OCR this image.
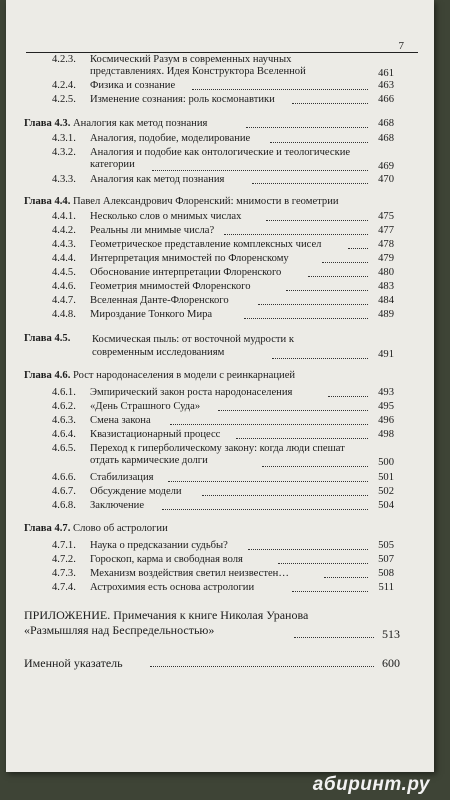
7
4.2.3. Космический Разум в современных научных представлениях. Идея Конструктора Вселенной	461
4.2.4. Физика и сознание	463
4.2.5. Изменение сознания: роль космонавтики	466
Глава 4.3. Аналогия как метод познания	468
4.3.1. Аналогия, подобие, моделирование	468
4.3.2. Аналогия и подобие как онтологические и теологические категории	469
4.3.3. Аналогия как метод познания	470
Глава 4.4. Павел Александрович Флоренский: мнимости в геометрии
4.4.1. Несколько слов о мнимых числах	475
4.4.2. Реальны ли мнимые числа?	477
4.4.3. Геометрическое представление комплексных чисел	478
4.4.4. Интерпретация мнимостей по Флоренскому	479
4.4.5. Обоснование интерпретации Флоренского	480
4.4.6. Геометрия мнимостей Флоренского	483
4.4.7. Вселенная Данте-Флоренского	484
4.4.8. Мироздание Тонкого Мира	489
Глава 4.5. Космическая пыль: от восточной мудрости к современным исследованиям	491
Глава 4.6. Рост народонаселения в модели с реинкарнацией
4.6.1. Эмпирический закон роста народонаселения	493
4.6.2. «День Страшного Суда»	495
4.6.3. Смена закона	496
4.6.4. Квазистационарный процесс	498
4.6.5. Переход к гиперболическому закону: когда люди спешат отдать кармические долги	500
4.6.6. Стабилизация	501
4.6.7. Обсуждение модели	502
4.6.8. Заключение	504
Глава 4.7. Слово об астрологии
4.7.1. Наука о предсказании судьбы?	505
4.7.2. Гороскоп, карма и свободная воля	507
4.7.3. Механизм воздействия светил неизвестен…	508
4.7.4. Астрохимия есть основа астрологии	511
ПРИЛОЖЕНИЕ. Примечания к книге Николая Уранова «Размышляя над Беспредельностью»	513
Именной указатель	600
абиринт.ру
